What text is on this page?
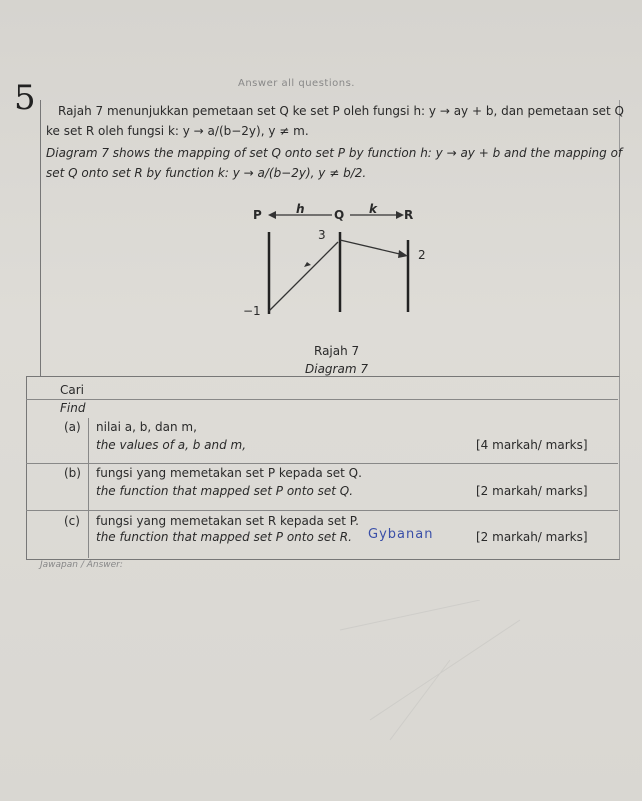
5	Answer all questions.
Rajah 7 menunjukkan pemetaan set Q ke set P oleh fungsi h: y → ay + b, dan pemetaan set Q
ke set R oleh fungsi k: y → a/(b−2y), y ≠ m.
Diagram 7 shows the mapping of set Q onto set P by function h: y → ay + b and the mapping of
set Q onto set R by function k: y → a/(b−2y), y ≠ b/2.
P	h Q k R
3
2
−1
Rajah 7
Diagram 7
Cari
Find
(a) nilai a, b, dan m,
the values of a, b and m,	[4 markah/ marks]
(b) fungsi yang memetakan set P kepada set Q.
the function that mapped set P onto set Q.	[2 markah/ marks]
(c) fungsi yang memetakan set R kepada set P.
the function that mapped set P onto set R.	[2 markah/ marks]
Gybanan
Jawapan / Answer:
